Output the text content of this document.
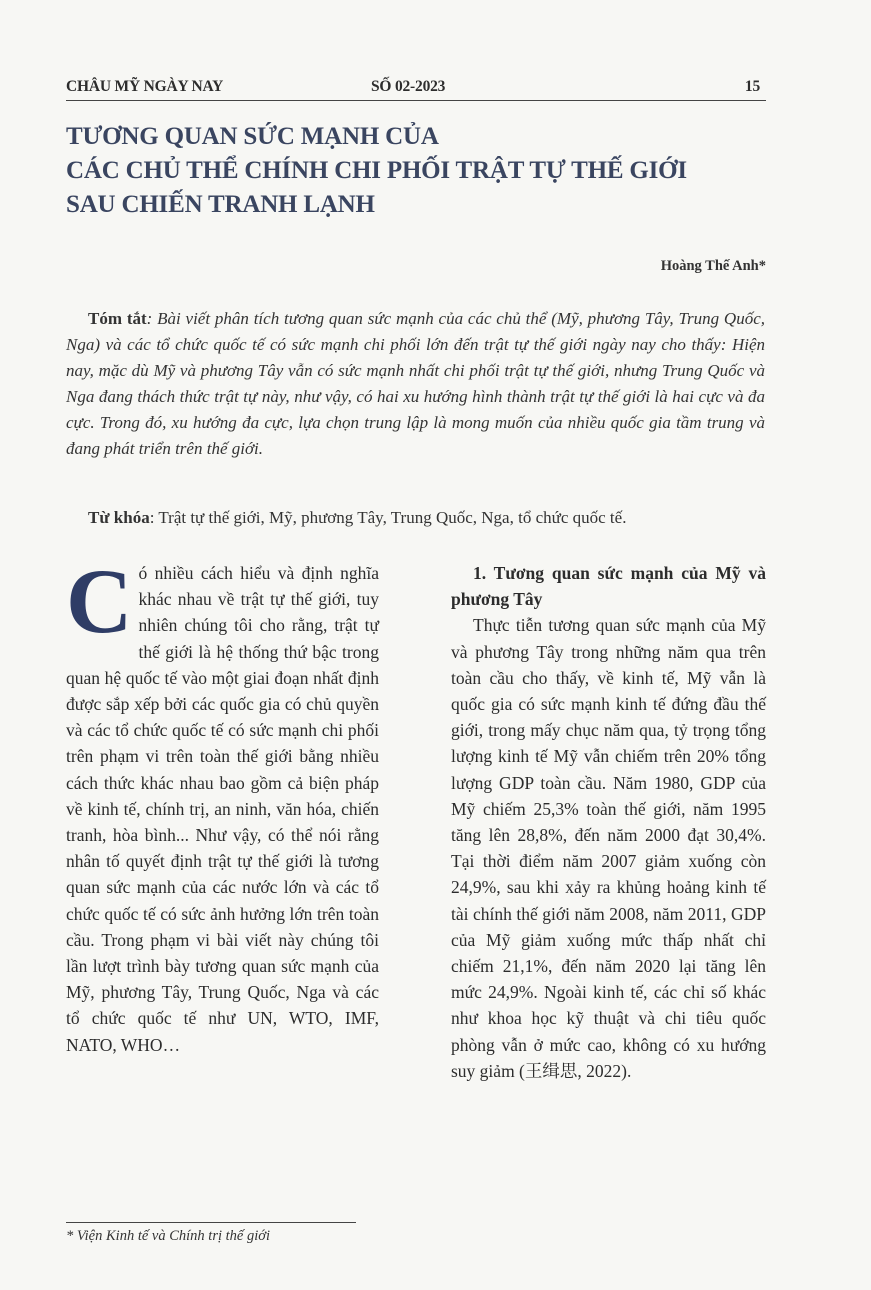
CHÂU MỸ NGÀY NAY	SỐ 02-2023	15
TƯƠNG QUAN SỨC MẠNH CỦA
CÁC CHỦ THỂ CHÍNH CHI PHỐI TRẬT TỰ THẾ GIỚI
SAU CHIẾN TRANH LẠNH
Hoàng Thế Anh*
Tóm tắt: Bài viết phân tích tương quan sức mạnh của các chủ thể (Mỹ, phương Tây, Trung Quốc, Nga) và các tổ chức quốc tế có sức mạnh chi phối lớn đến trật tự thế giới ngày nay cho thấy: Hiện nay, mặc dù Mỹ và phương Tây vẫn có sức mạnh nhất chi phối trật tự thế giới, nhưng Trung Quốc và Nga đang thách thức trật tự này, như vậy, có hai xu hướng hình thành trật tự thế giới là hai cực và đa cực. Trong đó, xu hướng đa cực, lựa chọn trung lập là mong muốn của nhiều quốc gia tầm trung và đang phát triển trên thế giới.
Từ khóa: Trật tự thế giới, Mỹ, phương Tây, Trung Quốc, Nga, tổ chức quốc tế.
Có nhiều cách hiểu và định nghĩa khác nhau về trật tự thế giới, tuy nhiên chúng tôi cho rằng, trật tự thế giới là hệ thống thứ bậc trong quan hệ quốc tế vào một giai đoạn nhất định được sắp xếp bởi các quốc gia có chủ quyền và các tổ chức quốc tế có sức mạnh chi phối trên phạm vi trên toàn thế giới bằng nhiều cách thức khác nhau bao gồm cả biện pháp về kinh tế, chính trị, an ninh, văn hóa, chiến tranh, hòa bình... Như vậy, có thể nói rằng nhân tố quyết định trật tự thế giới là tương quan sức mạnh của các nước lớn và các tổ chức quốc tế có sức ảnh hưởng lớn trên toàn cầu. Trong phạm vi bài viết này chúng tôi lần lượt trình bày tương quan sức mạnh của Mỹ, phương Tây, Trung Quốc, Nga và các tổ chức quốc tế như UN, WTO, IMF, NATO, WHO…
1. Tương quan sức mạnh của Mỹ và phương Tây
Thực tiễn tương quan sức mạnh của Mỹ và phương Tây trong những năm qua trên toàn cầu cho thấy, về kinh tế, Mỹ vẫn là quốc gia có sức mạnh kinh tế đứng đầu thế giới, trong mấy chục năm qua, tỷ trọng tổng lượng kinh tế Mỹ vẫn chiếm trên 20% tổng lượng GDP toàn cầu. Năm 1980, GDP của Mỹ chiếm 25,3% toàn thế giới, năm 1995 tăng lên 28,8%, đến năm 2000 đạt 30,4%. Tại thời điểm năm 2007 giảm xuống còn 24,9%, sau khi xảy ra khủng hoảng kinh tế tài chính thế giới năm 2008, năm 2011, GDP của Mỹ giảm xuống mức thấp nhất chỉ chiếm 21,1%, đến năm 2020 lại tăng lên mức 24,9%. Ngoài kinh tế, các chỉ số khác như khoa học kỹ thuật và chi tiêu quốc phòng vẫn ở mức cao, không có xu hướng suy giảm (王缉思, 2022).
* Viện Kinh tế và Chính trị thế giới
